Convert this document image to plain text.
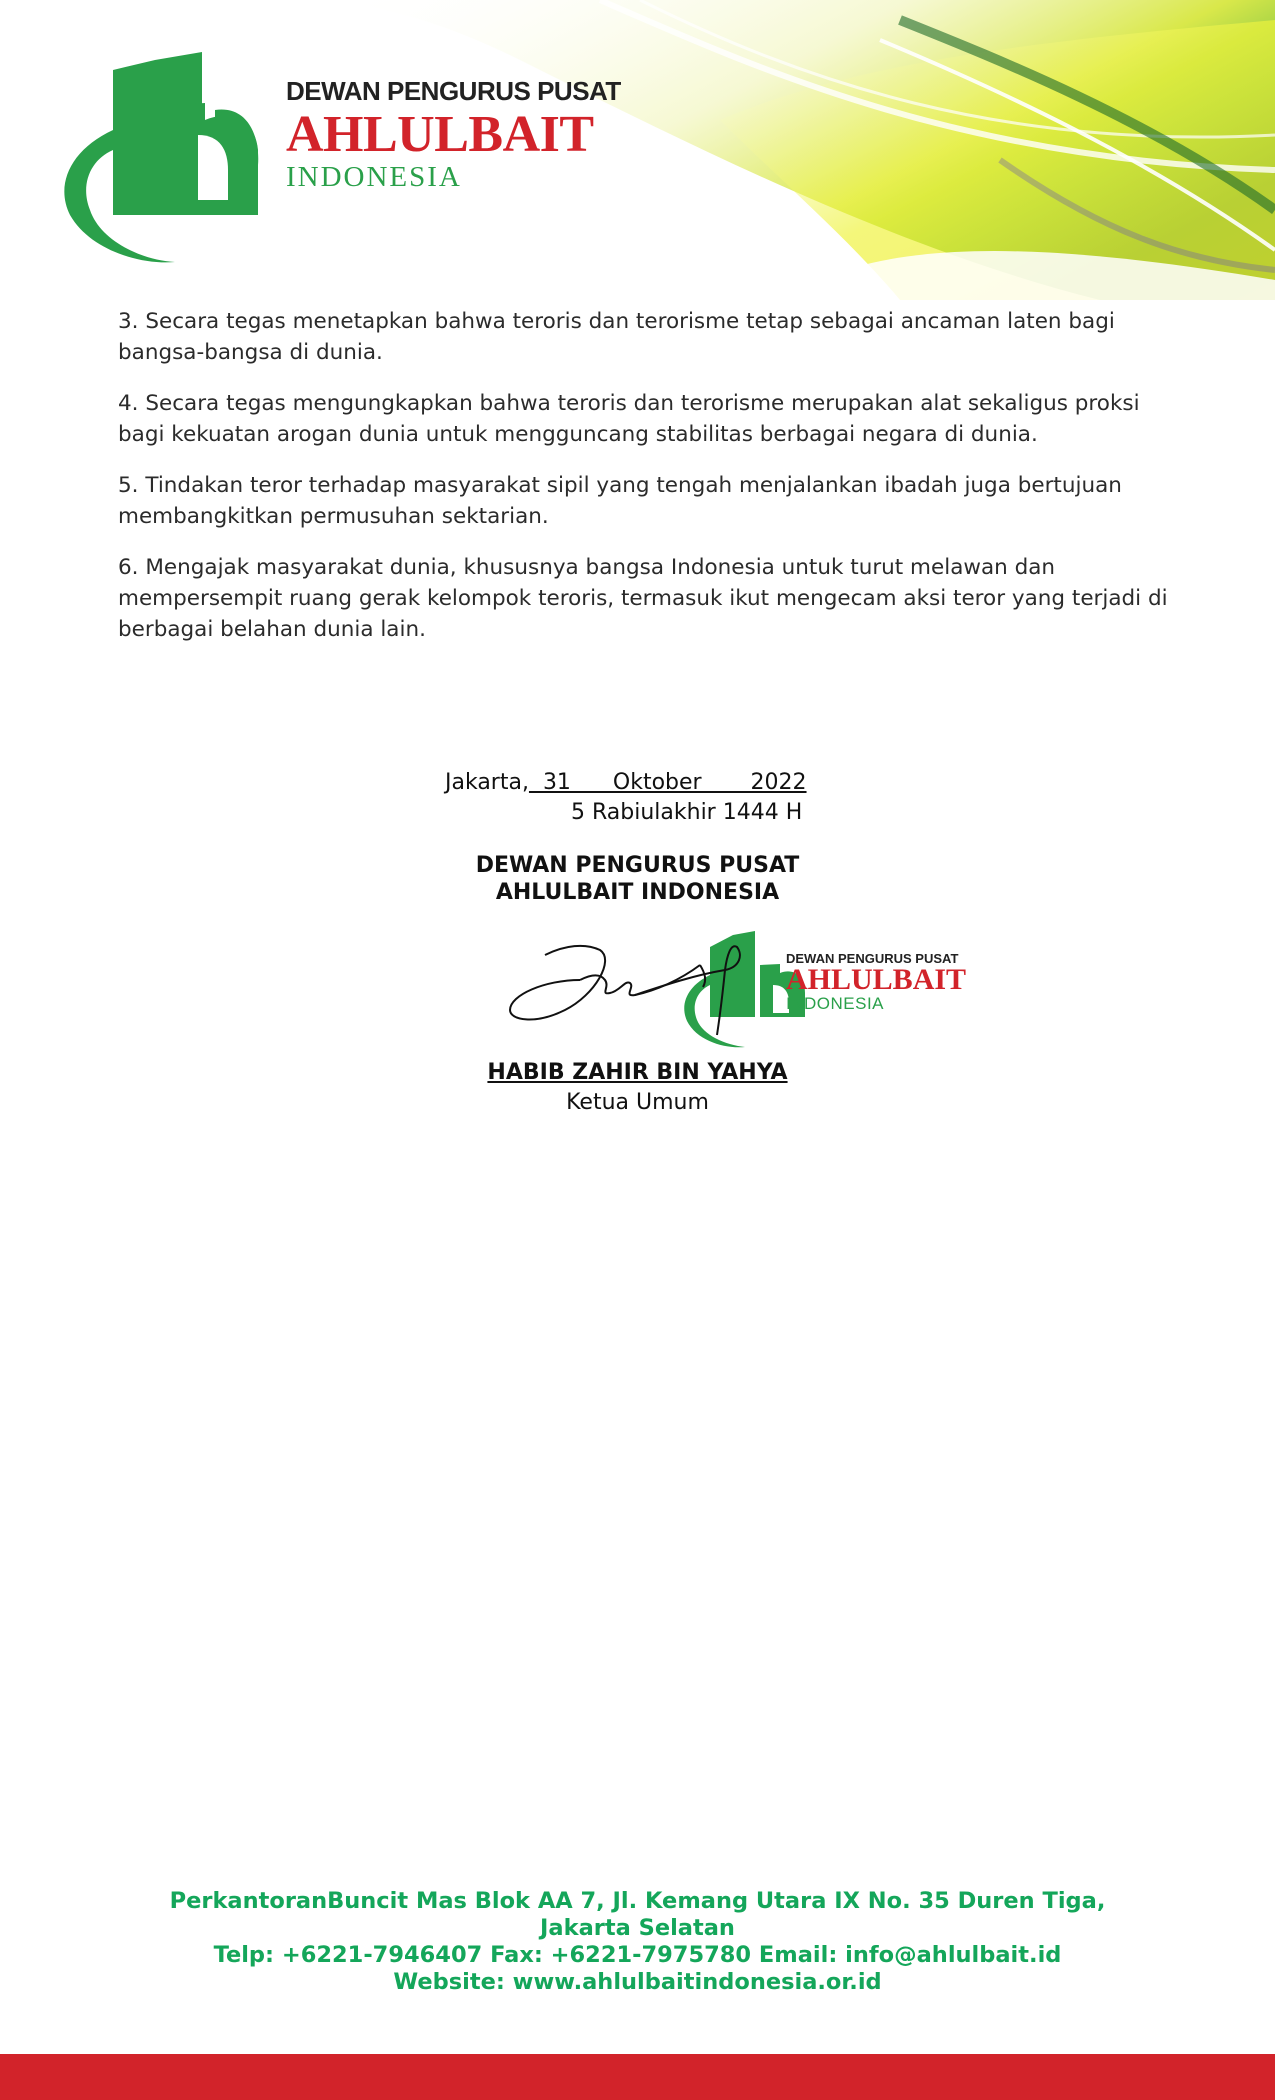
DEWAN PENGURUS PUSAT
AHLULBAIT
INDONESIA

3. Secara tegas menetapkan bahwa teroris dan terorisme tetap sebagai ancaman laten bagi bangsa-bangsa di dunia.

4. Secara tegas mengungkapkan bahwa teroris dan terorisme merupakan alat sekaligus proksi bagi kekuatan arogan dunia untuk mengguncang stabilitas berbagai negara di dunia.

5. Tindakan teror terhadap masyarakat sipil yang tengah menjalankan ibadah juga bertujuan membangkitkan permusuhan sektarian.

6. Mengajak masyarakat dunia, khususnya bangsa Indonesia untuk turut melawan dan mempersempit ruang gerak kelompok teroris, termasuk ikut mengecam aksi teror yang terjadi di berbagai belahan dunia lain.

Jakarta,  31      Oktober       2022
5 Rabiulakhir 1444 H
DEWAN PENGURUS PUSAT
AHLULBAIT INDONESIA
DEWAN PENGURUS PUSAT
AHLULBAIT
INDONESIA
HABIB ZAHIR BIN YAHYA
Ketua Umum
PerkantoranBuncit Mas Blok AA 7, Jl. Kemang Utara IX No. 35 Duren Tiga,
Jakarta Selatan
Telp: +6221-7946407 Fax: +6221-7975780 Email: info@ahlulbait.id
Website: www.ahlulbaitindonesia.or.id
